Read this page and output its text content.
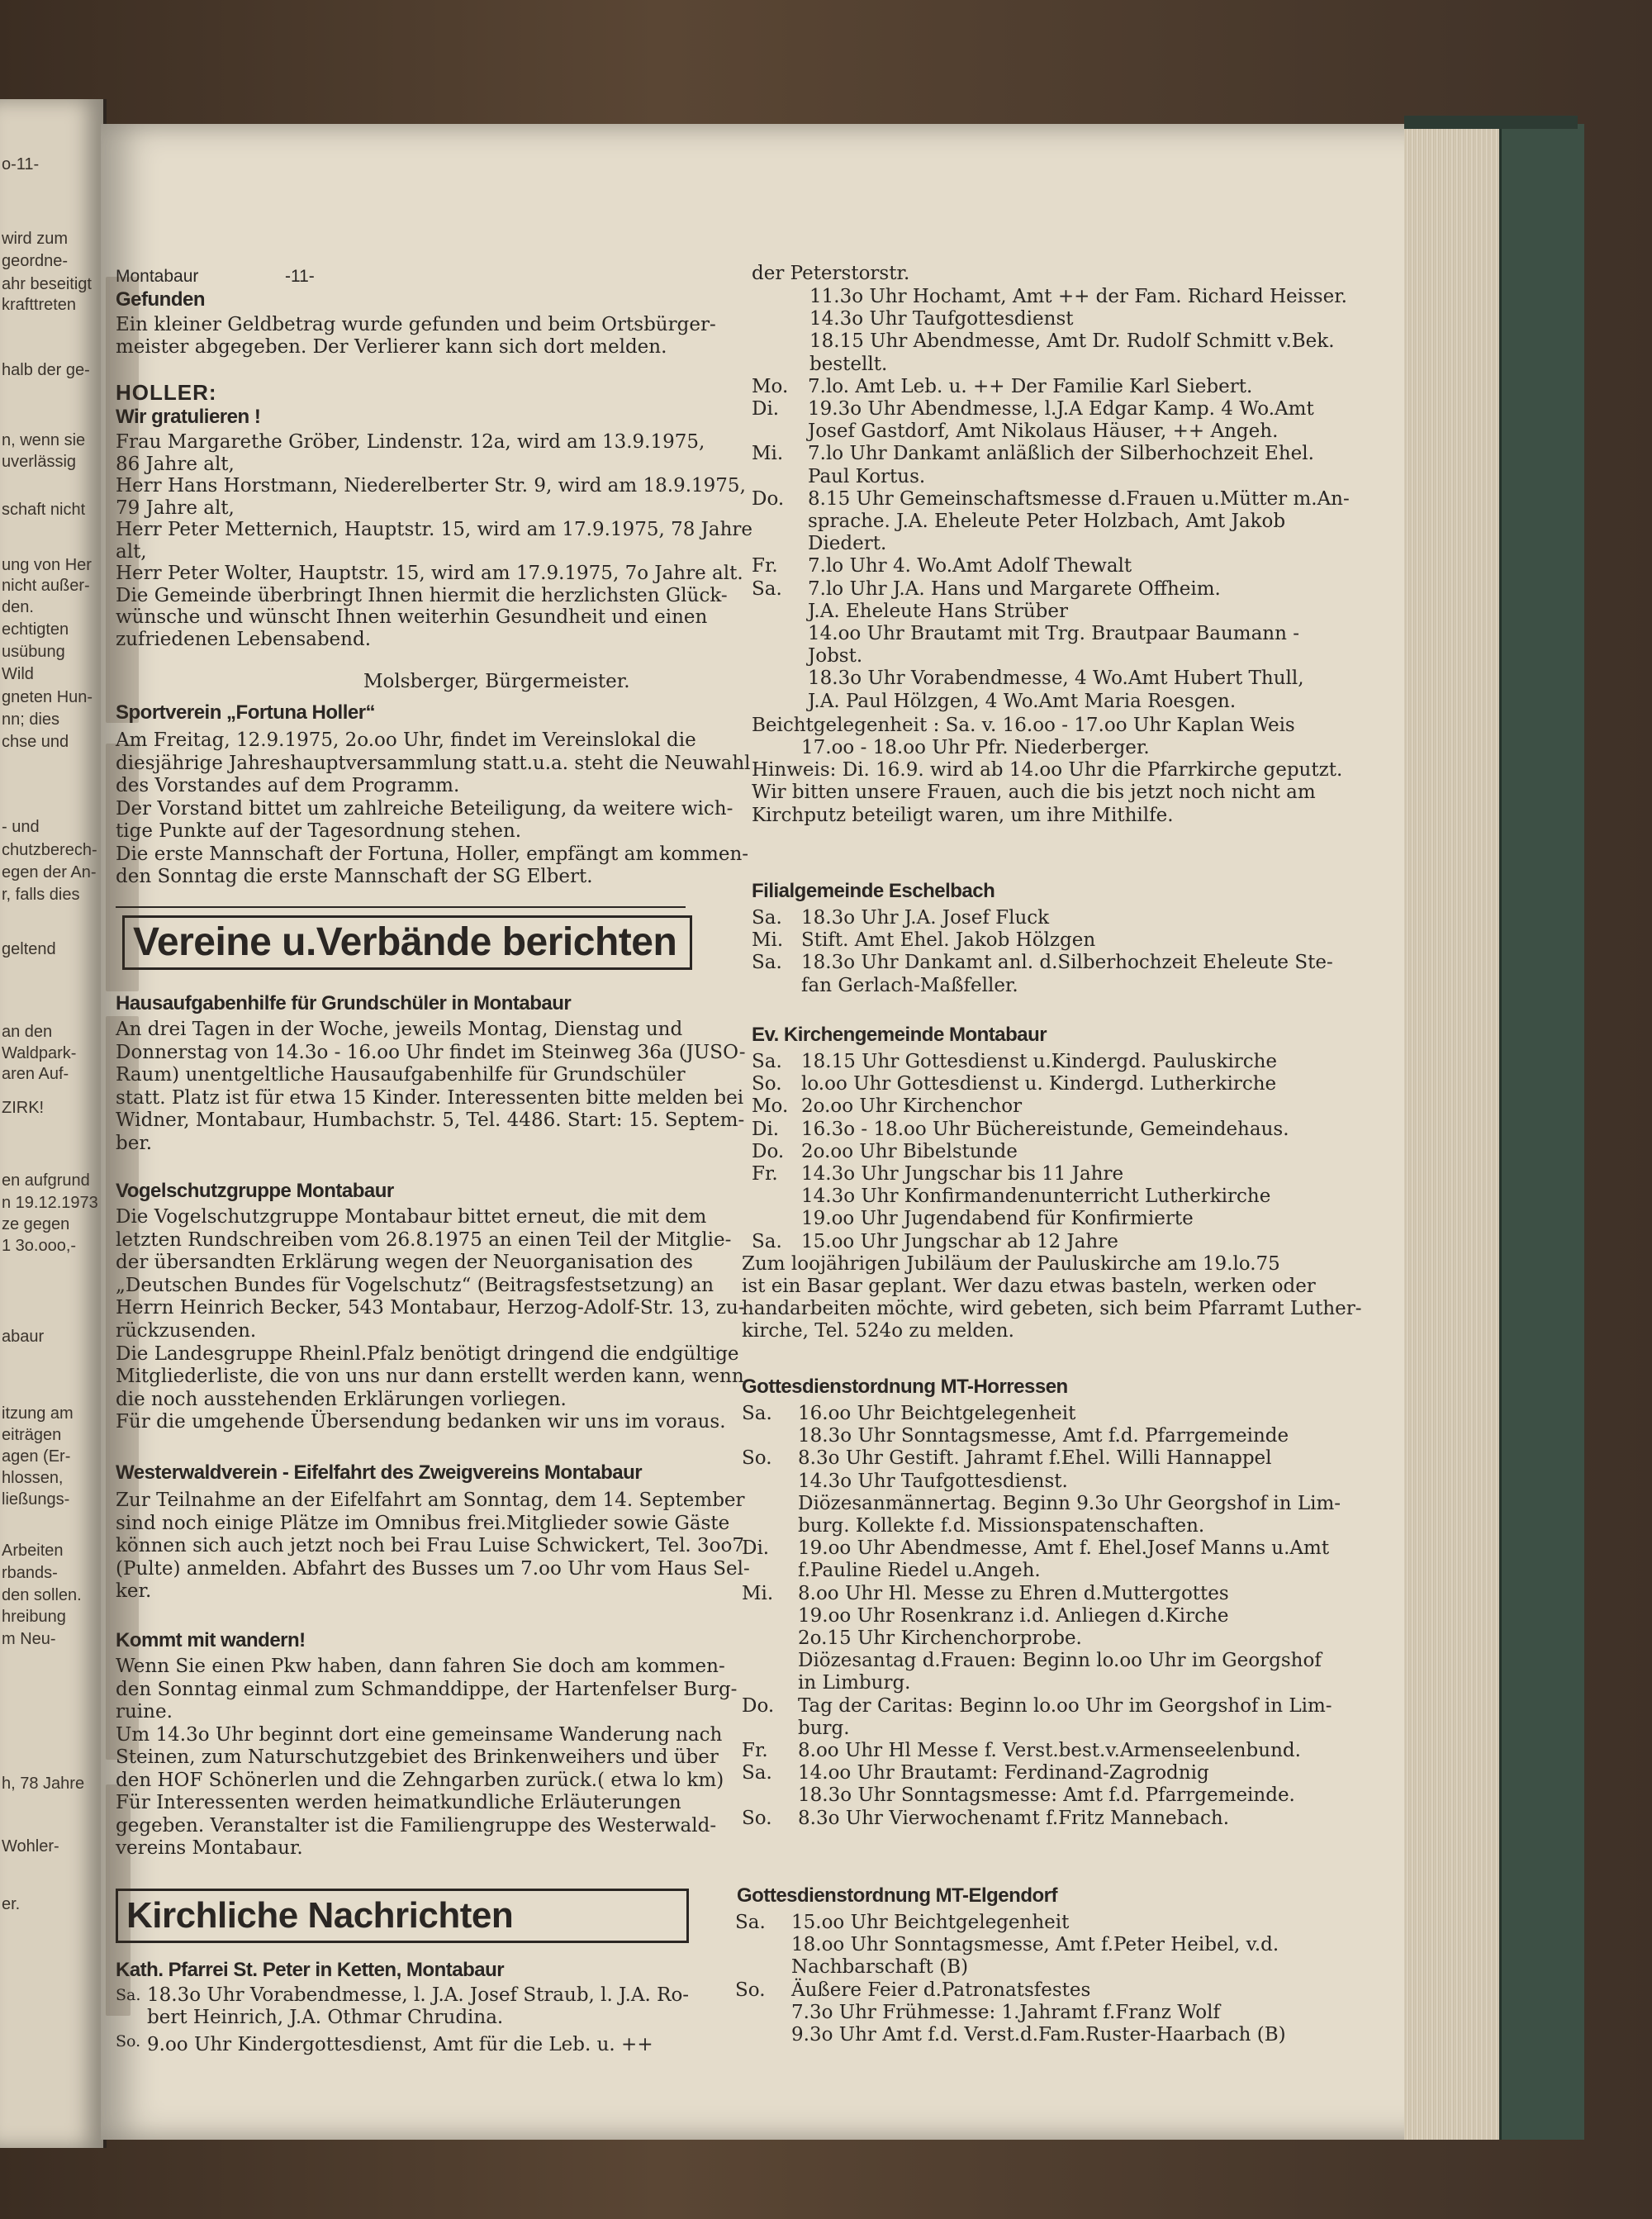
o-11-
wird zum
geordne-
ahr beseitigt
krafttreten
halb der ge-
n, wenn sie
uverlässig
schaft nicht
ung von Her
nicht außer-
den.
echtigten
usübung
Wild
gneten Hun-
nn; dies
chse und
- und
chutzberech-
egen der An-
r, falls dies
geltend
an den
Waldpark-
aren Auf-
ZIRK!
en aufgrund
n 19.12.1973
ze gegen
1 3o.ooo,-
abaur
itzung am
eiträgen
agen (Er-
hlossen,
ließungs-
Arbeiten
rbands-
den sollen.
hreibung
m Neu-
h, 78 Jahre
Wohler-
er.
Montabaur	-11-
Gefunden
Ein kleiner Geldbetrag wurde gefunden und beim Ortsbürger-
meister abgegeben. Der Verlierer kann sich dort melden.
HOLLER:
Wir gratulieren !
Frau Margarethe Gröber, Lindenstr. 12a, wird am 13.9.1975,
86 Jahre alt,
Herr Hans Horstmann, Niederelberter Str. 9, wird am 18.9.1975,
79 Jahre alt,
Herr Peter Metternich, Hauptstr. 15, wird am 17.9.1975, 78 Jahre
alt,
Herr Peter Wolter, Hauptstr. 15, wird am 17.9.1975, 7o Jahre alt.
Die Gemeinde überbringt Ihnen hiermit die herzlichsten Glück-
wünsche und wünscht Ihnen weiterhin Gesundheit und einen
zufriedenen Lebensabend.
Molsberger, Bürgermeister.
Sportverein „Fortuna Holler“
Am Freitag, 12.9.1975, 2o.oo Uhr, findet im Vereinslokal die
diesjährige Jahreshauptversammlung statt.u.a. steht die Neuwahl
des Vorstandes auf dem Programm.
Der Vorstand bittet um zahlreiche Beteiligung, da weitere wich-
tige Punkte auf der Tagesordnung stehen.
Die erste Mannschaft der Fortuna, Holler, empfängt am kommen-
den Sonntag die erste Mannschaft der SG Elbert.
Vereine u.Verbände berichten
Hausaufgabenhilfe für Grundschüler in Montabaur
An drei Tagen in der Woche, jeweils Montag, Dienstag und
Donnerstag von 14.3o - 16.oo Uhr findet im Steinweg 36a (JUSO-
Raum) unentgeltliche Hausaufgabenhilfe für Grundschüler
statt. Platz ist für etwa 15 Kinder. Interessenten bitte melden bei
Widner, Montabaur, Humbachstr. 5, Tel. 4486. Start: 15. Septem-
ber.
Vogelschutzgruppe Montabaur
Die Vogelschutzgruppe Montabaur bittet erneut, die mit dem
letzten Rundschreiben vom 26.8.1975 an einen Teil der Mitglie-
der übersandten Erklärung wegen der Neuorganisation des
„Deutschen Bundes für Vogelschutz“ (Beitragsfestsetzung) an
Herrn Heinrich Becker, 543 Montabaur, Herzog-Adolf-Str. 13, zu-
rückzusenden.
Die Landesgruppe Rheinl.Pfalz benötigt dringend die endgültige
Mitgliederliste, die von uns nur dann erstellt werden kann, wenn
die noch ausstehenden Erklärungen vorliegen.
Für die umgehende Übersendung bedanken wir uns im voraus.
Westerwaldverein - Eifelfahrt des Zweigvereins Montabaur
Zur Teilnahme an der Eifelfahrt am Sonntag, dem 14. September
sind noch einige Plätze im Omnibus frei.Mitglieder sowie Gäste
können sich auch jetzt noch bei Frau Luise Schwickert, Tel. 3oo7
(Pulte) anmelden. Abfahrt des Busses um 7.oo Uhr vom Haus Sel-
ker.
Kommt mit wandern!
Wenn Sie einen Pkw haben, dann fahren Sie doch am kommen-
den Sonntag einmal zum Schmanddippe, der Hartenfelser Burg-
ruine.
Um 14.3o Uhr beginnt dort eine gemeinsame Wanderung nach
Steinen, zum Naturschutzgebiet des Brinkenweihers und über
den HOF Schönerlen und die Zehngarben zurück.( etwa lo km)
Für Interessenten werden heimatkundliche Erläuterungen
gegeben. Veranstalter ist die Familiengruppe des Westerwald-
vereins Montabaur.
Kirchliche Nachrichten
Kath. Pfarrei St. Peter in Ketten, Montabaur
Sa. 18.3o Uhr Vorabendmesse, l. J.A. Josef Straub, l. J.A. Ro-
bert Heinrich, J.A. Othmar Chrudina.
So. 9.oo Uhr Kindergottesdienst, Amt für die Leb. u. ++
der Peterstorstr.
11.3o Uhr Hochamt, Amt ++ der Fam. Richard Heisser.
14.3o Uhr Taufgottesdienst
18.15 Uhr Abendmesse, Amt Dr. Rudolf Schmitt v.Bek.
bestellt.
Mo. 7.lo. Amt Leb. u. ++ Der Familie Karl Siebert.
Di. 19.3o Uhr Abendmesse, l.J.A Edgar Kamp. 4 Wo.Amt
Josef Gastdorf, Amt Nikolaus Häuser, ++ Angeh.
Mi. 7.lo Uhr Dankamt anläßlich der Silberhochzeit Ehel.
Paul Kortus.
Do. 8.15 Uhr Gemeinschaftsmesse d.Frauen u.Mütter m.An-
sprache. J.A. Eheleute Peter Holzbach, Amt Jakob
Diedert.
Fr. 7.lo Uhr 4. Wo.Amt Adolf Thewalt
Sa. 7.lo Uhr J.A. Hans und Margarete Offheim.
J.A. Eheleute Hans Strüber
14.oo Uhr Brautamt mit Trg. Brautpaar Baumann -
Jobst.
18.3o Uhr Vorabendmesse, 4 Wo.Amt Hubert Thull,
J.A. Paul Hölzgen, 4 Wo.Amt Maria Roesgen.
Beichtgelegenheit : Sa. v. 16.oo - 17.oo Uhr Kaplan Weis
17.oo - 18.oo Uhr Pfr. Niederberger.
Hinweis: Di. 16.9. wird ab 14.oo Uhr die Pfarrkirche geputzt.
Wir bitten unsere Frauen, auch die bis jetzt noch nicht am
Kirchputz beteiligt waren, um ihre Mithilfe.
Filialgemeinde Eschelbach
Sa. 18.3o Uhr J.A. Josef Fluck
Mi. Stift. Amt Ehel. Jakob Hölzgen
Sa. 18.3o Uhr Dankamt anl. d.Silberhochzeit Eheleute Ste-
fan Gerlach-Maßfeller.
Ev. Kirchengemeinde Montabaur
Sa. 18.15 Uhr Gottesdienst u.Kindergd. Pauluskirche
So. lo.oo Uhr Gottesdienst u. Kindergd. Lutherkirche
Mo. 2o.oo Uhr Kirchenchor
Di. 16.3o - 18.oo Uhr Büchereistunde, Gemeindehaus.
Do. 2o.oo Uhr Bibelstunde
Fr. 14.3o Uhr Jungschar bis 11 Jahre
14.3o Uhr Konfirmandenunterricht Lutherkirche
19.oo Uhr Jugendabend für Konfirmierte
Sa. 15.oo Uhr Jungschar ab 12 Jahre
Zum loojährigen Jubiläum der Pauluskirche am 19.lo.75
ist ein Basar geplant. Wer dazu etwas basteln, werken oder
handarbeiten möchte, wird gebeten, sich beim Pfarramt Luther-
kirche, Tel. 524o zu melden.
Gottesdienstordnung MT-Horressen
Sa. 16.oo Uhr Beichtgelegenheit
18.3o Uhr Sonntagsmesse, Amt f.d. Pfarrgemeinde
So. 8.3o Uhr Gestift. Jahramt f.Ehel. Willi Hannappel
14.3o Uhr Taufgottesdienst.
Diözesanmännertag. Beginn 9.3o Uhr Georgshof in Lim-
burg. Kollekte f.d. Missionspatenschaften.
Di. 19.oo Uhr Abendmesse, Amt f. Ehel.Josef Manns u.Amt
f.Pauline Riedel u.Angeh.
Mi. 8.oo Uhr Hl. Messe zu Ehren d.Muttergottes
19.oo Uhr Rosenkranz i.d. Anliegen d.Kirche
2o.15 Uhr Kirchenchorprobe.
Diözesantag d.Frauen: Beginn lo.oo Uhr im Georgshof
in Limburg.
Do. Tag der Caritas: Beginn lo.oo Uhr im Georgshof in Lim-
burg.
Fr. 8.oo Uhr Hl Messe f. Verst.best.v.Armenseelenbund.
Sa. 14.oo Uhr Brautamt: Ferdinand-Zagrodnig
18.3o Uhr Sonntagsmesse: Amt f.d. Pfarrgemeinde.
So. 8.3o Uhr Vierwochenamt f.Fritz Mannebach.
Gottesdienstordnung MT-Elgendorf
Sa. 15.oo Uhr Beichtgelegenheit
18.oo Uhr Sonntagsmesse, Amt f.Peter Heibel, v.d.
Nachbarschaft (B)
So. Äußere Feier d.Patronatsfestes
7.3o Uhr Frühmesse: 1.Jahramt f.Franz Wolf
9.3o Uhr Amt f.d. Verst.d.Fam.Ruster-Haarbach (B)
